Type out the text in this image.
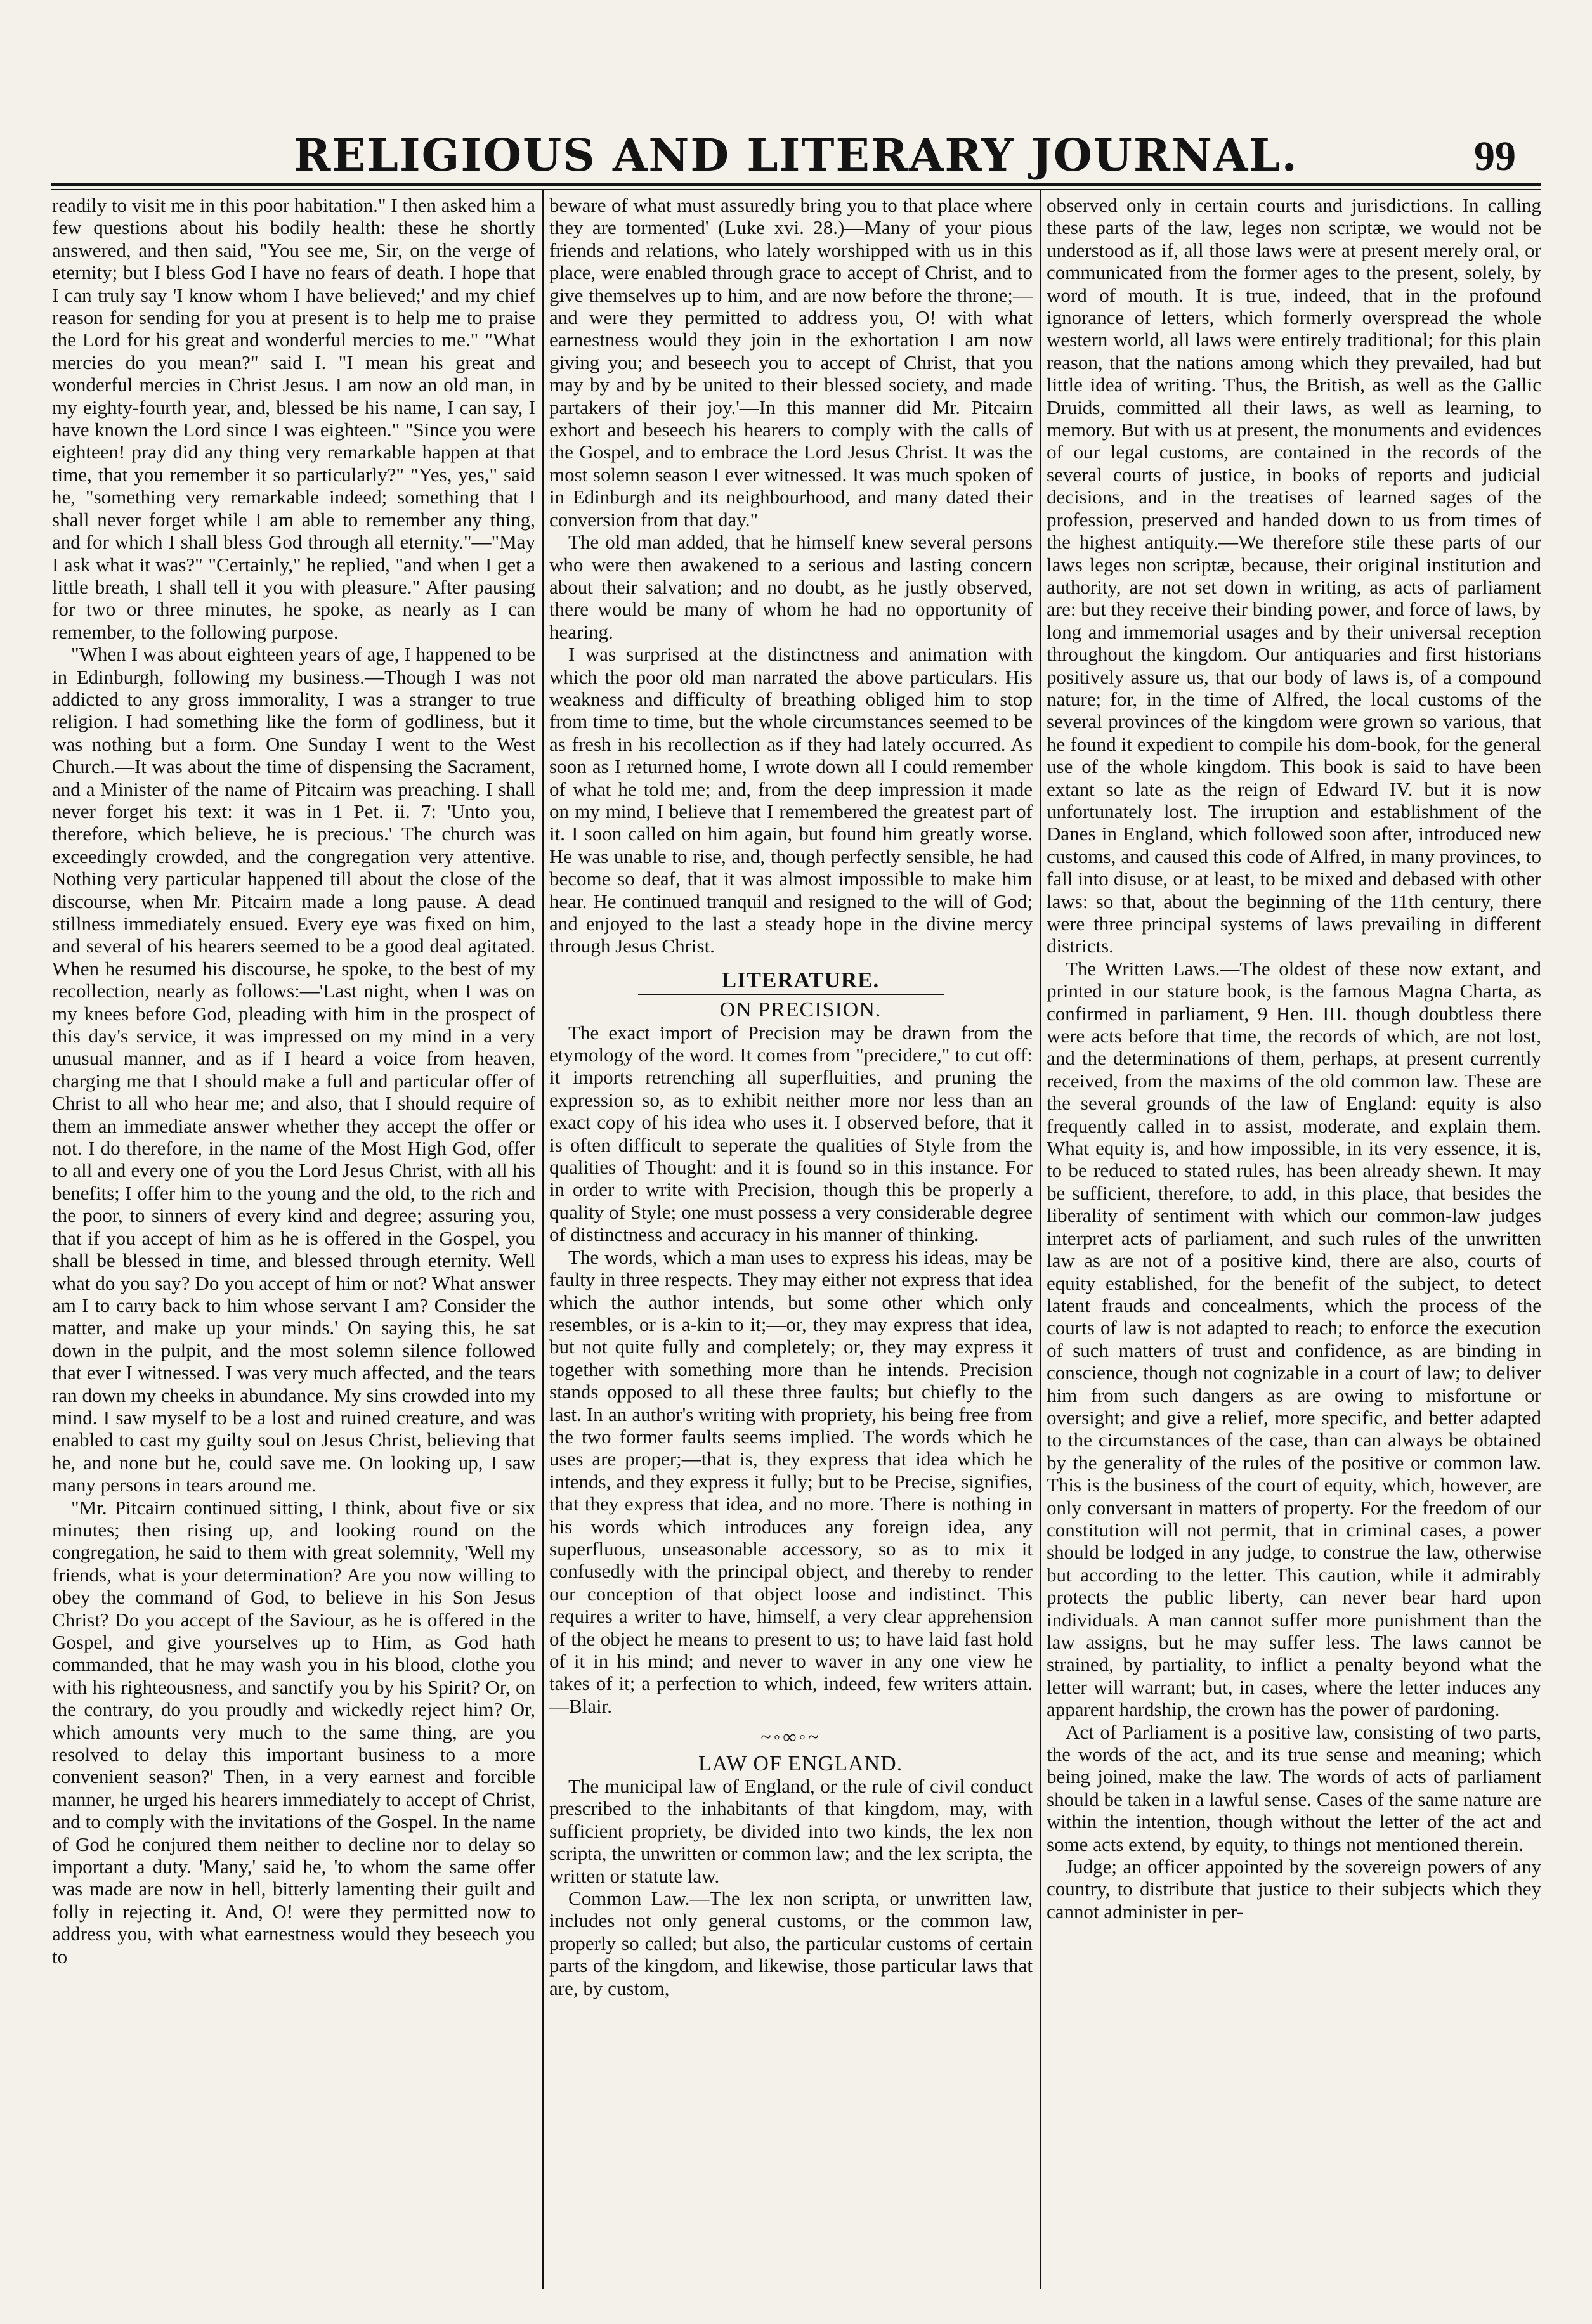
RELIGIOUS AND LITERARY JOURNAL.	99

readily to visit me in this poor habitation." I then asked him a few questions about his bodily health: these he shortly answered, and then said, "You see me, Sir, on the verge of eternity; but I bless God I have no fears of death. I hope that I can truly say 'I know whom I have believed;' and my chief reason for sending for you at present is to help me to praise the Lord for his great and wonderful mercies to me." "What mercies do you mean?" said I. "I mean his great and wonderful mercies in Christ Jesus. I am now an old man, in my eighty-fourth year, and, blessed be his name, I can say, I have known the Lord since I was eighteen." "Since you were eighteen! pray did any thing very remarkable happen at that time, that you remember it so particularly?" "Yes, yes," said he, "something very remarkable indeed; something that I shall never forget while I am able to remember any thing, and for which I shall bless God through all eternity."—"May I ask what it was?" "Certainly," he replied, "and when I get a little breath, I shall tell it you with pleasure." After pausing for two or three minutes, he spoke, as nearly as I can remember, to the following purpose.

"When I was about eighteen years of age, I happened to be in Edinburgh, following my business.—Though I was not addicted to any gross immorality, I was a stranger to true religion. I had something like the form of godliness, but it was nothing but a form. One Sunday I went to the West Church.—It was about the time of dispensing the Sacrament, and a Minister of the name of Pitcairn was preaching. I shall never forget his text: it was in 1 Pet. ii. 7: 'Unto you, therefore, which believe, he is precious.' The church was exceedingly crowded, and the congregation very attentive. Nothing very particular happened till about the close of the discourse, when Mr. Pitcairn made a long pause. A dead stillness immediately ensued. Every eye was fixed on him, and several of his hearers seemed to be a good deal agitated. When he resumed his discourse, he spoke, to the best of my recollection, nearly as follows:—'Last night, when I was on my knees before God, pleading with him in the prospect of this day's service, it was impressed on my mind in a very unusual manner, and as if I heard a voice from heaven, charging me that I should make a full and particular offer of Christ to all who hear me; and also, that I should require of them an immediate answer whether they accept the offer or not. I do therefore, in the name of the Most High God, offer to all and every one of you the Lord Jesus Christ, with all his benefits; I offer him to the young and the old, to the rich and the poor, to sinners of every kind and degree; assuring you, that if you accept of him as he is offered in the Gospel, you shall be blessed in time, and blessed through eternity. Well what do you say? Do you accept of him or not? What answer am I to carry back to him whose servant I am? Consider the matter, and make up your minds.' On saying this, he sat down in the pulpit, and the most solemn silence followed that ever I witnessed. I was very much affected, and the tears ran down my cheeks in abundance. My sins crowded into my mind. I saw myself to be a lost and ruined creature, and was enabled to cast my guilty soul on Jesus Christ, believing that he, and none but he, could save me. On looking up, I saw many persons in tears around me.

"Mr. Pitcairn continued sitting, I think, about five or six minutes; then rising up, and looking round on the congregation, he said to them with great solemnity, 'Well my friends, what is your determination? Are you now willing to obey the command of God, to believe in his Son Jesus Christ? Do you accept of the Saviour, as he is offered in the Gospel, and give yourselves up to Him, as God hath commanded, that he may wash you in his blood, clothe you with his righteousness, and sanctify you by his Spirit? Or, on the contrary, do you proudly and wickedly reject him? Or, which amounts very much to the same thing, are you resolved to delay this important business to a more convenient season?' Then, in a very earnest and forcible manner, he urged his hearers immediately to accept of Christ, and to comply with the invitations of the Gospel. In the name of God he conjured them neither to decline nor to delay so important a duty. 'Many,' said he, 'to whom the same offer was made are now in hell, bitterly lamenting their guilt and folly in rejecting it. And, O! were they permitted now to address you, with what earnestness would they beseech you to

beware of what must assuredly bring you to that place where they are tormented' (Luke xvi. 28.)—Many of your pious friends and relations, who lately worshipped with us in this place, were enabled through grace to accept of Christ, and to give themselves up to him, and are now before the throne;—and were they permitted to address you, O! with what earnestness would they join in the exhortation I am now giving you; and beseech you to accept of Christ, that you may by and by be united to their blessed society, and made partakers of their joy.'—In this manner did Mr. Pitcairn exhort and beseech his hearers to comply with the calls of the Gospel, and to embrace the Lord Jesus Christ. It was the most solemn season I ever witnessed. It was much spoken of in Edinburgh and its neighbourhood, and many dated their conversion from that day."

The old man added, that he himself knew several persons who were then awakened to a serious and lasting concern about their salvation; and no doubt, as he justly observed, there would be many of whom he had no opportunity of hearing.

I was surprised at the distinctness and animation with which the poor old man narrated the above particulars. His weakness and difficulty of breathing obliged him to stop from time to time, but the whole circumstances seemed to be as fresh in his recollection as if they had lately occurred. As soon as I returned home, I wrote down all I could remember of what he told me; and, from the deep impression it made on my mind, I believe that I remembered the greatest part of it. I soon called on him again, but found him greatly worse. He was unable to rise, and, though perfectly sensible, he had become so deaf, that it was almost impossible to make him hear. He continued tranquil and resigned to the will of God; and enjoyed to the last a steady hope in the divine mercy through Jesus Christ.

LITERATURE.

ON PRECISION.

The exact import of Precision may be drawn from the etymology of the word. It comes from "precidere," to cut off: it imports retrenching all superfluities, and pruning the expression so, as to exhibit neither more nor less than an exact copy of his idea who uses it. I observed before, that it is often difficult to seperate the qualities of Style from the qualities of Thought: and it is found so in this instance. For in order to write with Precision, though this be properly a quality of Style; one must possess a very considerable degree of distinctness and accuracy in his manner of thinking.

The words, which a man uses to express his ideas, may be faulty in three respects. They may either not express that idea which the author intends, but some other which only resembles, or is a-kin to it;—or, they may express that idea, but not quite fully and completely; or, they may express it together with something more than he intends. Precision stands opposed to all these three faults; but chiefly to the last. In an author's writing with propriety, his being free from the two former faults seems implied. The words which he uses are proper;—that is, they express that idea which he intends, and they express it fully; but to be Precise, signifies, that they express that idea, and no more. There is nothing in his words which introduces any foreign idea, any superfluous, unseasonable accessory, so as to mix it confusedly with the principal object, and thereby to render our conception of that object loose and indistinct. This requires a writer to have, himself, a very clear apprehension of the object he means to present to us; to have laid fast hold of it in his mind; and never to waver in any one view he takes of it; a perfection to which, indeed, few writers attain.—Blair.

~◦∞◦~

LAW OF ENGLAND.

The municipal law of England, or the rule of civil conduct prescribed to the inhabitants of that kingdom, may, with sufficient propriety, be divided into two kinds, the lex non scripta, the unwritten or common law; and the lex scripta, the written or statute law.

Common Law.—The lex non scripta, or unwritten law, includes not only general customs, or the common law, properly so called; but also, the particular customs of certain parts of the kingdom, and likewise, those particular laws that are, by custom,

observed only in certain courts and jurisdictions. In calling these parts of the law, leges non scriptæ, we would not be understood as if, all those laws were at present merely oral, or communicated from the former ages to the present, solely, by word of mouth. It is true, indeed, that in the profound ignorance of letters, which formerly overspread the whole western world, all laws were entirely traditional; for this plain reason, that the nations among which they prevailed, had but little idea of writing. Thus, the British, as well as the Gallic Druids, committed all their laws, as well as learning, to memory. But with us at present, the monuments and evidences of our legal customs, are contained in the records of the several courts of justice, in books of reports and judicial decisions, and in the treatises of learned sages of the profession, preserved and handed down to us from times of the highest antiquity.—We therefore stile these parts of our laws leges non scriptæ, because, their original institution and authority, are not set down in writing, as acts of parliament are: but they receive their binding power, and force of laws, by long and immemorial usages and by their universal reception throughout the kingdom. Our antiquaries and first historians positively assure us, that our body of laws is, of a compound nature; for, in the time of Alfred, the local customs of the several provinces of the kingdom were grown so various, that he found it expedient to compile his dom-book, for the general use of the whole kingdom. This book is said to have been extant so late as the reign of Edward IV. but it is now unfortunately lost. The irruption and establishment of the Danes in England, which followed soon after, introduced new customs, and caused this code of Alfred, in many provinces, to fall into disuse, or at least, to be mixed and debased with other laws: so that, about the beginning of the 11th century, there were three principal systems of laws prevailing in different districts.

The Written Laws.—The oldest of these now extant, and printed in our stature book, is the famous Magna Charta, as confirmed in parliament, 9 Hen. III. though doubtless there were acts before that time, the records of which, are not lost, and the determinations of them, perhaps, at present currently received, from the maxims of the old common law. These are the several grounds of the law of England: equity is also frequently called in to assist, moderate, and explain them. What equity is, and how impossible, in its very essence, it is, to be reduced to stated rules, has been already shewn. It may be sufficient, therefore, to add, in this place, that besides the liberality of sentiment with which our common-law judges interpret acts of parliament, and such rules of the unwritten law as are not of a positive kind, there are also, courts of equity established, for the benefit of the subject, to detect latent frauds and concealments, which the process of the courts of law is not adapted to reach; to enforce the execution of such matters of trust and confidence, as are binding in conscience, though not cognizable in a court of law; to deliver him from such dangers as are owing to misfortune or oversight; and give a relief, more specific, and better adapted to the circumstances of the case, than can always be obtained by the generality of the rules of the positive or common law. This is the business of the court of equity, which, however, are only conversant in matters of property. For the freedom of our constitution will not permit, that in criminal cases, a power should be lodged in any judge, to construe the law, otherwise but according to the letter. This caution, while it admirably protects the public liberty, can never bear hard upon individuals. A man cannot suffer more punishment than the law assigns, but he may suffer less. The laws cannot be strained, by partiality, to inflict a penalty beyond what the letter will warrant; but, in cases, where the letter induces any apparent hardship, the crown has the power of pardoning.

Act of Parliament is a positive law, consisting of two parts, the words of the act, and its true sense and meaning; which being joined, make the law. The words of acts of parliament should be taken in a lawful sense. Cases of the same nature are within the intention, though without the letter of the act and some acts extend, by equity, to things not mentioned therein.

Judge; an officer appointed by the sovereign powers of any country, to distribute that justice to their subjects which they cannot administer in per-
